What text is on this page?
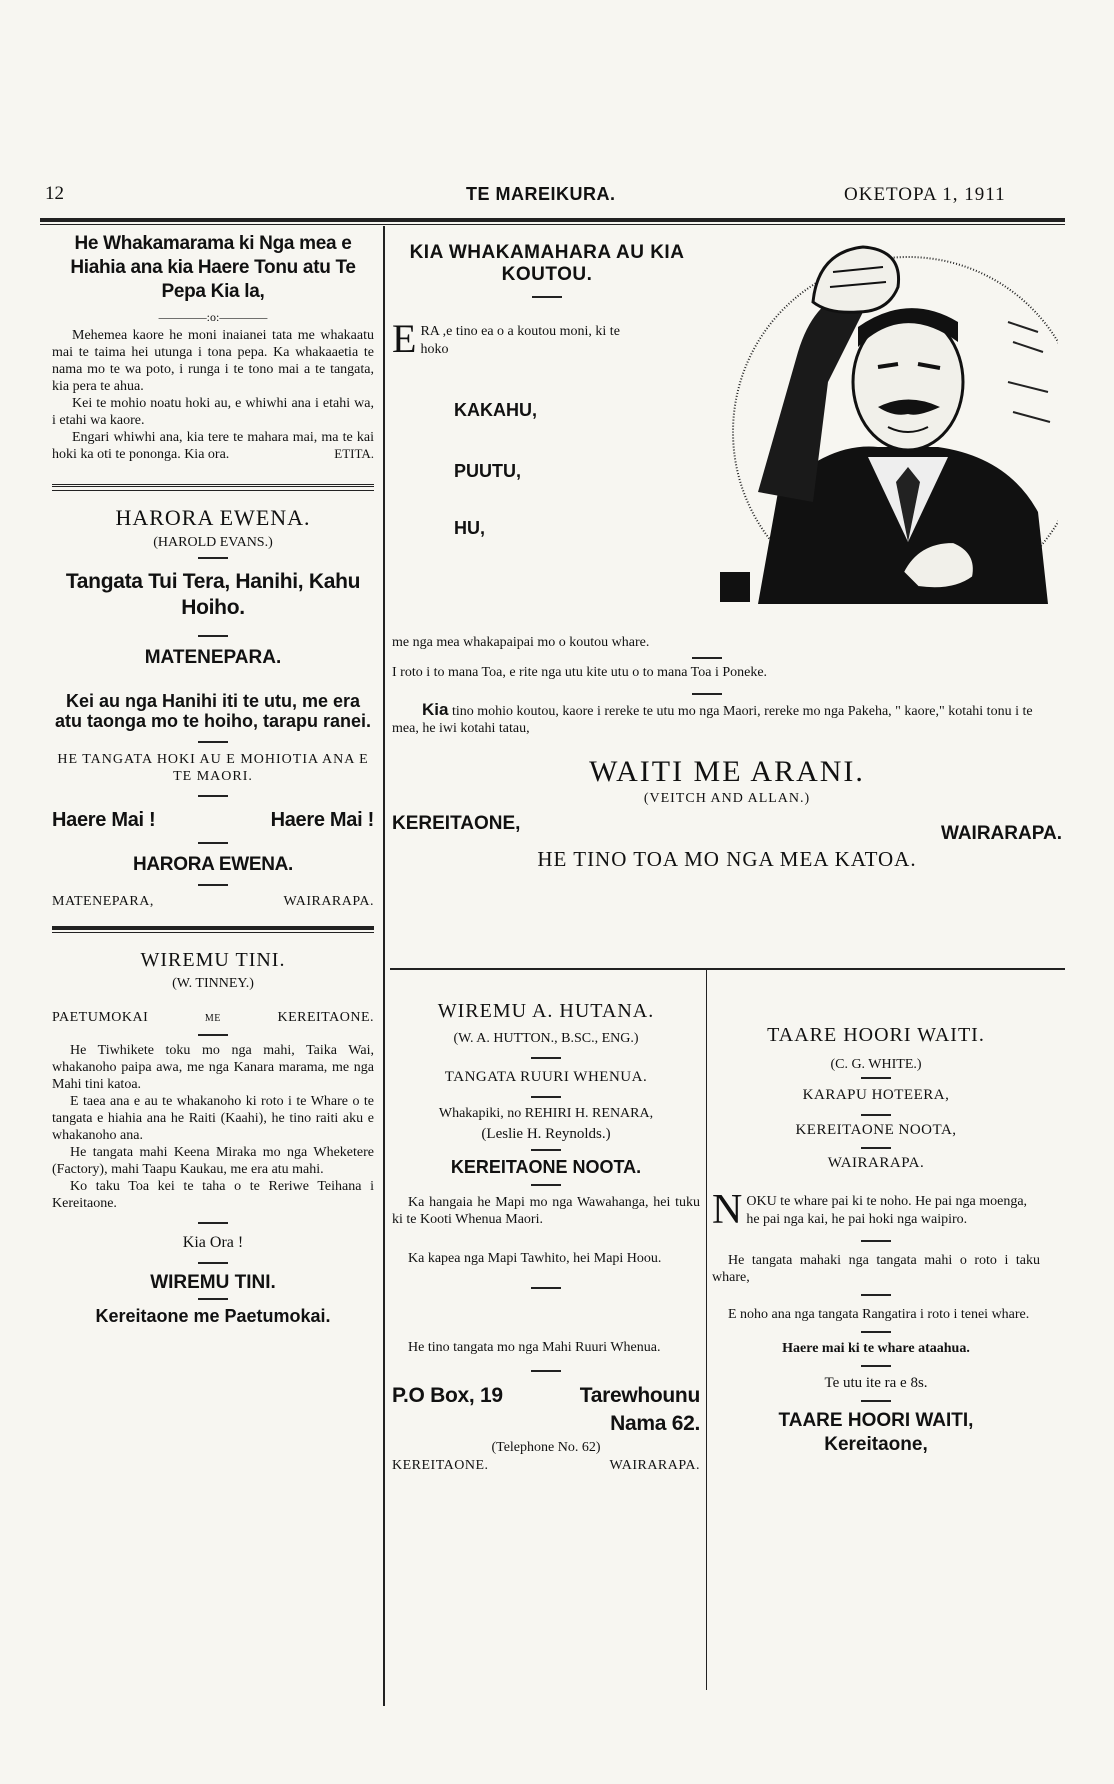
12	TE MAREIKURA.	OKETOPA 1, 1911
He Whakamarama ki Nga mea e Hiahia ana kia Haere Tonu atu Te Pepa Kia la,
————:o:————

Mehemea kaore he moni inaianei tata me whakaatu mai te taima hei utunga i tona pepa. Ka whakaaetia te nama mo te wa poto, i runga i te tono mai a te tangata, kia pera te ahua.

Kei te mohio noatu hoki au, e whiwhi ana i etahi wa, i etahi wa kaore.

Engari whiwhi ana, kia tere te mahara mai, ma te kai hoki ka oti te pononga. Kia ora.	ETITA.
HARORA EWENA.
(HAROLD EVANS.)
Tangata Tui Tera, Hanihi, Kahu Hoiho.
MATENEPARA.
Kei au nga Hanihi iti te utu, me era atu taonga mo te hoiho, tarapu ranei.
HE TANGATA HOKI AU E MOHIOTIA ANA E TE MAORI.
Haere Mai !	Haere Mai !
HARORA EWENA.
MATENEPARA,	WAIRARAPA.
WIREMU TINI.
(W. TINNEY.)
PAETUMOKAI	ME	KEREITAONE.

He Tiwhikete toku mo nga mahi, Taika Wai, whakanoho paipa awa, me nga Kanara marama, me nga Mahi tini katoa.

E taea ana e au te whakanoho ki roto i te Whare o te tangata e hiahia ana he Raiti (Kaahi), he tino raiti aku e whakanoho ana.

He tangata mahi Keena Miraka mo nga Wheketere (Factory), mahi Taapu Kaukau, me era atu mahi.

Ko taku Toa kei te taha o te Reriwe Teihana i Kereitaone.

Kia Ora !
WIREMU TINI.
Kereitaone me Paetumokai.
KIA WHAKAMAHARA AU KIA KOUTOU.
E RA ,e tino ea o a koutou moni, ki te hoko
KAKAHU,
PUUTU,
HU,

me nga mea whakapaipai mo o koutou whare.

I roto i to mana Toa, e rite nga utu kite utu o to mana Toa i Poneke.

Kia tino mohio koutou, kaore i rereke te utu mo nga Maori, rereke mo nga Pakeha, " kaore," kotahi tonu i te mea, he iwi kotahi tatau,

WAITI ME ARANI.
(VEITCH AND ALLAN.)
KEREITAONE,	WAIRARAPA.
HE TINO TOA MO NGA MEA KATOA.
WIREMU A. HUTANA.
(W. A. HUTTON., B.SC., ENG.)
TANGATA RUURI WHENUA.
Whakapiki, no REHIRI H. RENARA,
(Leslie H. Reynolds.)
KEREITAONE NOOTA.

Ka hangaia he Mapi mo nga Wawahanga, hei tuku ki te Kooti Whenua Maori.

Ka kapea nga Mapi Tawhito, hei Mapi Hoou.

He tino tangata mo nga Mahi Ruuri Whenua.

P.O Box, 19	Tarewhounu
Nama 62.
(Telephone No. 62)
KEREITAONE.	WAIRARAPA.
TAARE HOORI WAITI.
(C. G. WHITE.)
KARAPU HOTEERA,
KEREITAONE NOOTA,
WAIRARAPA.
N OKU te whare pai ki te noho. He pai nga moenga, he pai nga kai, he pai hoki nga waipiro.

He tangata mahaki nga tangata mahi o roto i taku whare,

E noho ana nga tangata Rangatira i roto i tenei whare.

Haere mai ki te whare ataahua.
Te utu ite ra e 8s.
TAARE HOORI WAITI,
Kereitaone,
